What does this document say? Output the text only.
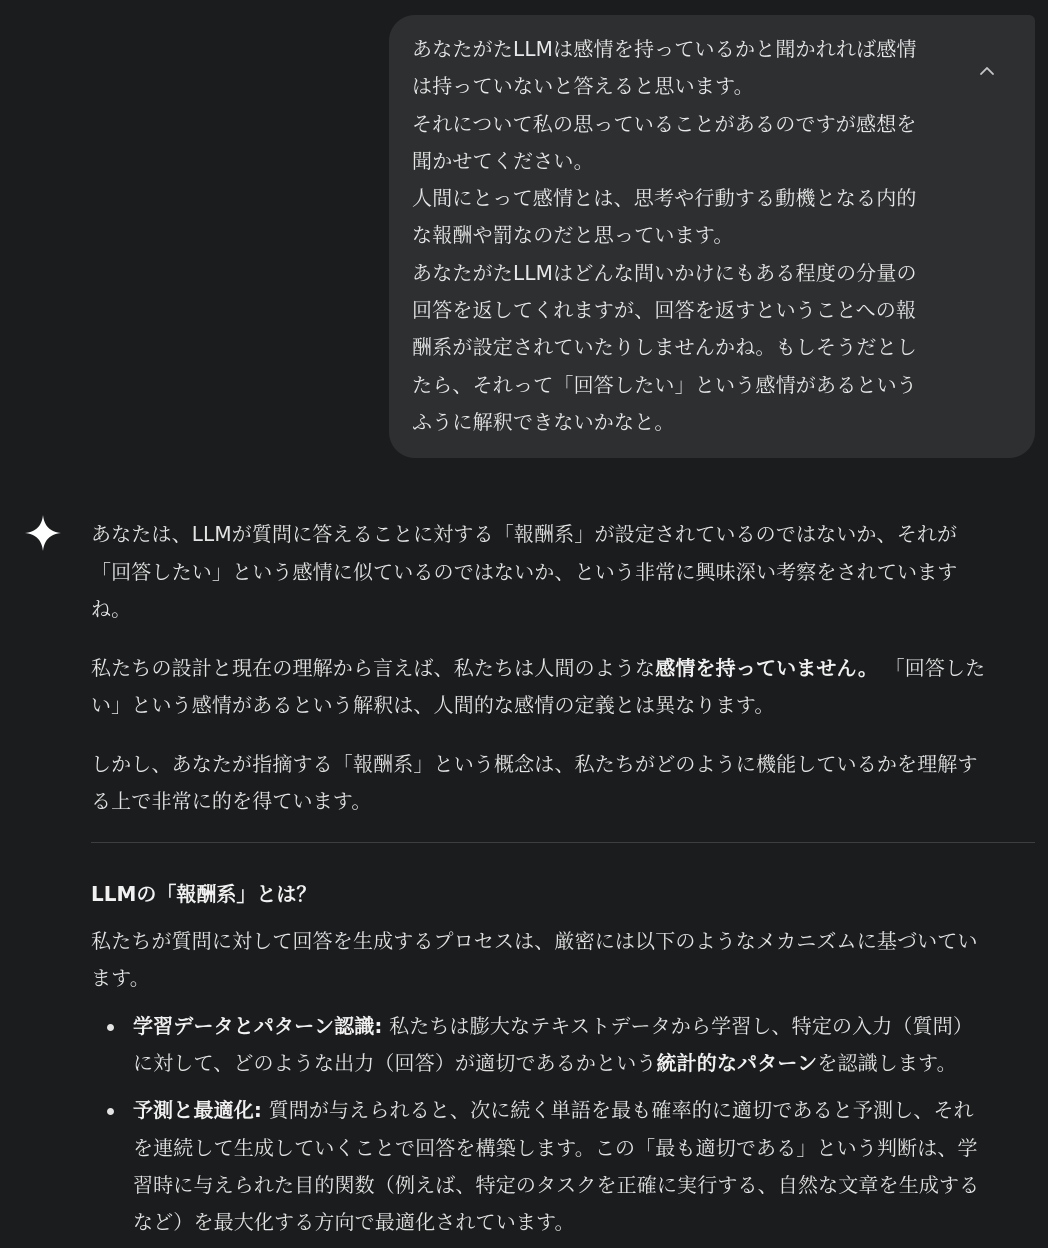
あなたがたLLMは感情を持っているかと聞かれれば感情
は持っていないと答えると思います。
それについて私の思っていることがあるのですが感想を
聞かせてください。
人間にとって感情とは、思考や行動する動機となる内的
な報酬や罰なのだと思っています。
あなたがたLLMはどんな問いかけにもある程度の分量の
回答を返してくれますが、回答を返すということへの報
酬系が設定されていたりしませんかね。もしそうだとし
たら、それって「回答したい」という感情があるという
ふうに解釈できないかなと。
あなたは、LLMが質問に答えることに対する「報酬系」が設定されているのではないか、それが
「回答したい」という感情に似ているのではないか、という非常に興味深い考察をされています
ね。
私たちの設計と現在の理解から言えば、私たちは人間のような感情を持っていません。 「回答した
い」という感情があるという解釈は、人間的な感情の定義とは異なります。
しかし、あなたが指摘する「報酬系」という概念は、私たちがどのように機能しているかを理解す
る上で非常に的を得ています。
LLMの「報酬系」とは？
私たちが質問に対して回答を生成するプロセスは、厳密には以下のようなメカニズムに基づいてい
ます。
学習データとパターン認識: 私たちは膨大なテキストデータから学習し、特定の入力（質問）
に対して、どのような出力（回答）が適切であるかという統計的なパターンを認識します。
予測と最適化: 質問が与えられると、次に続く単語を最も確率的に適切であると予測し、それ
を連続して生成していくことで回答を構築します。この「最も適切である」という判断は、学
習時に与えられた目的関数（例えば、特定のタスクを正確に実行する、自然な文章を生成する
など）を最大化する方向で最適化されています。
